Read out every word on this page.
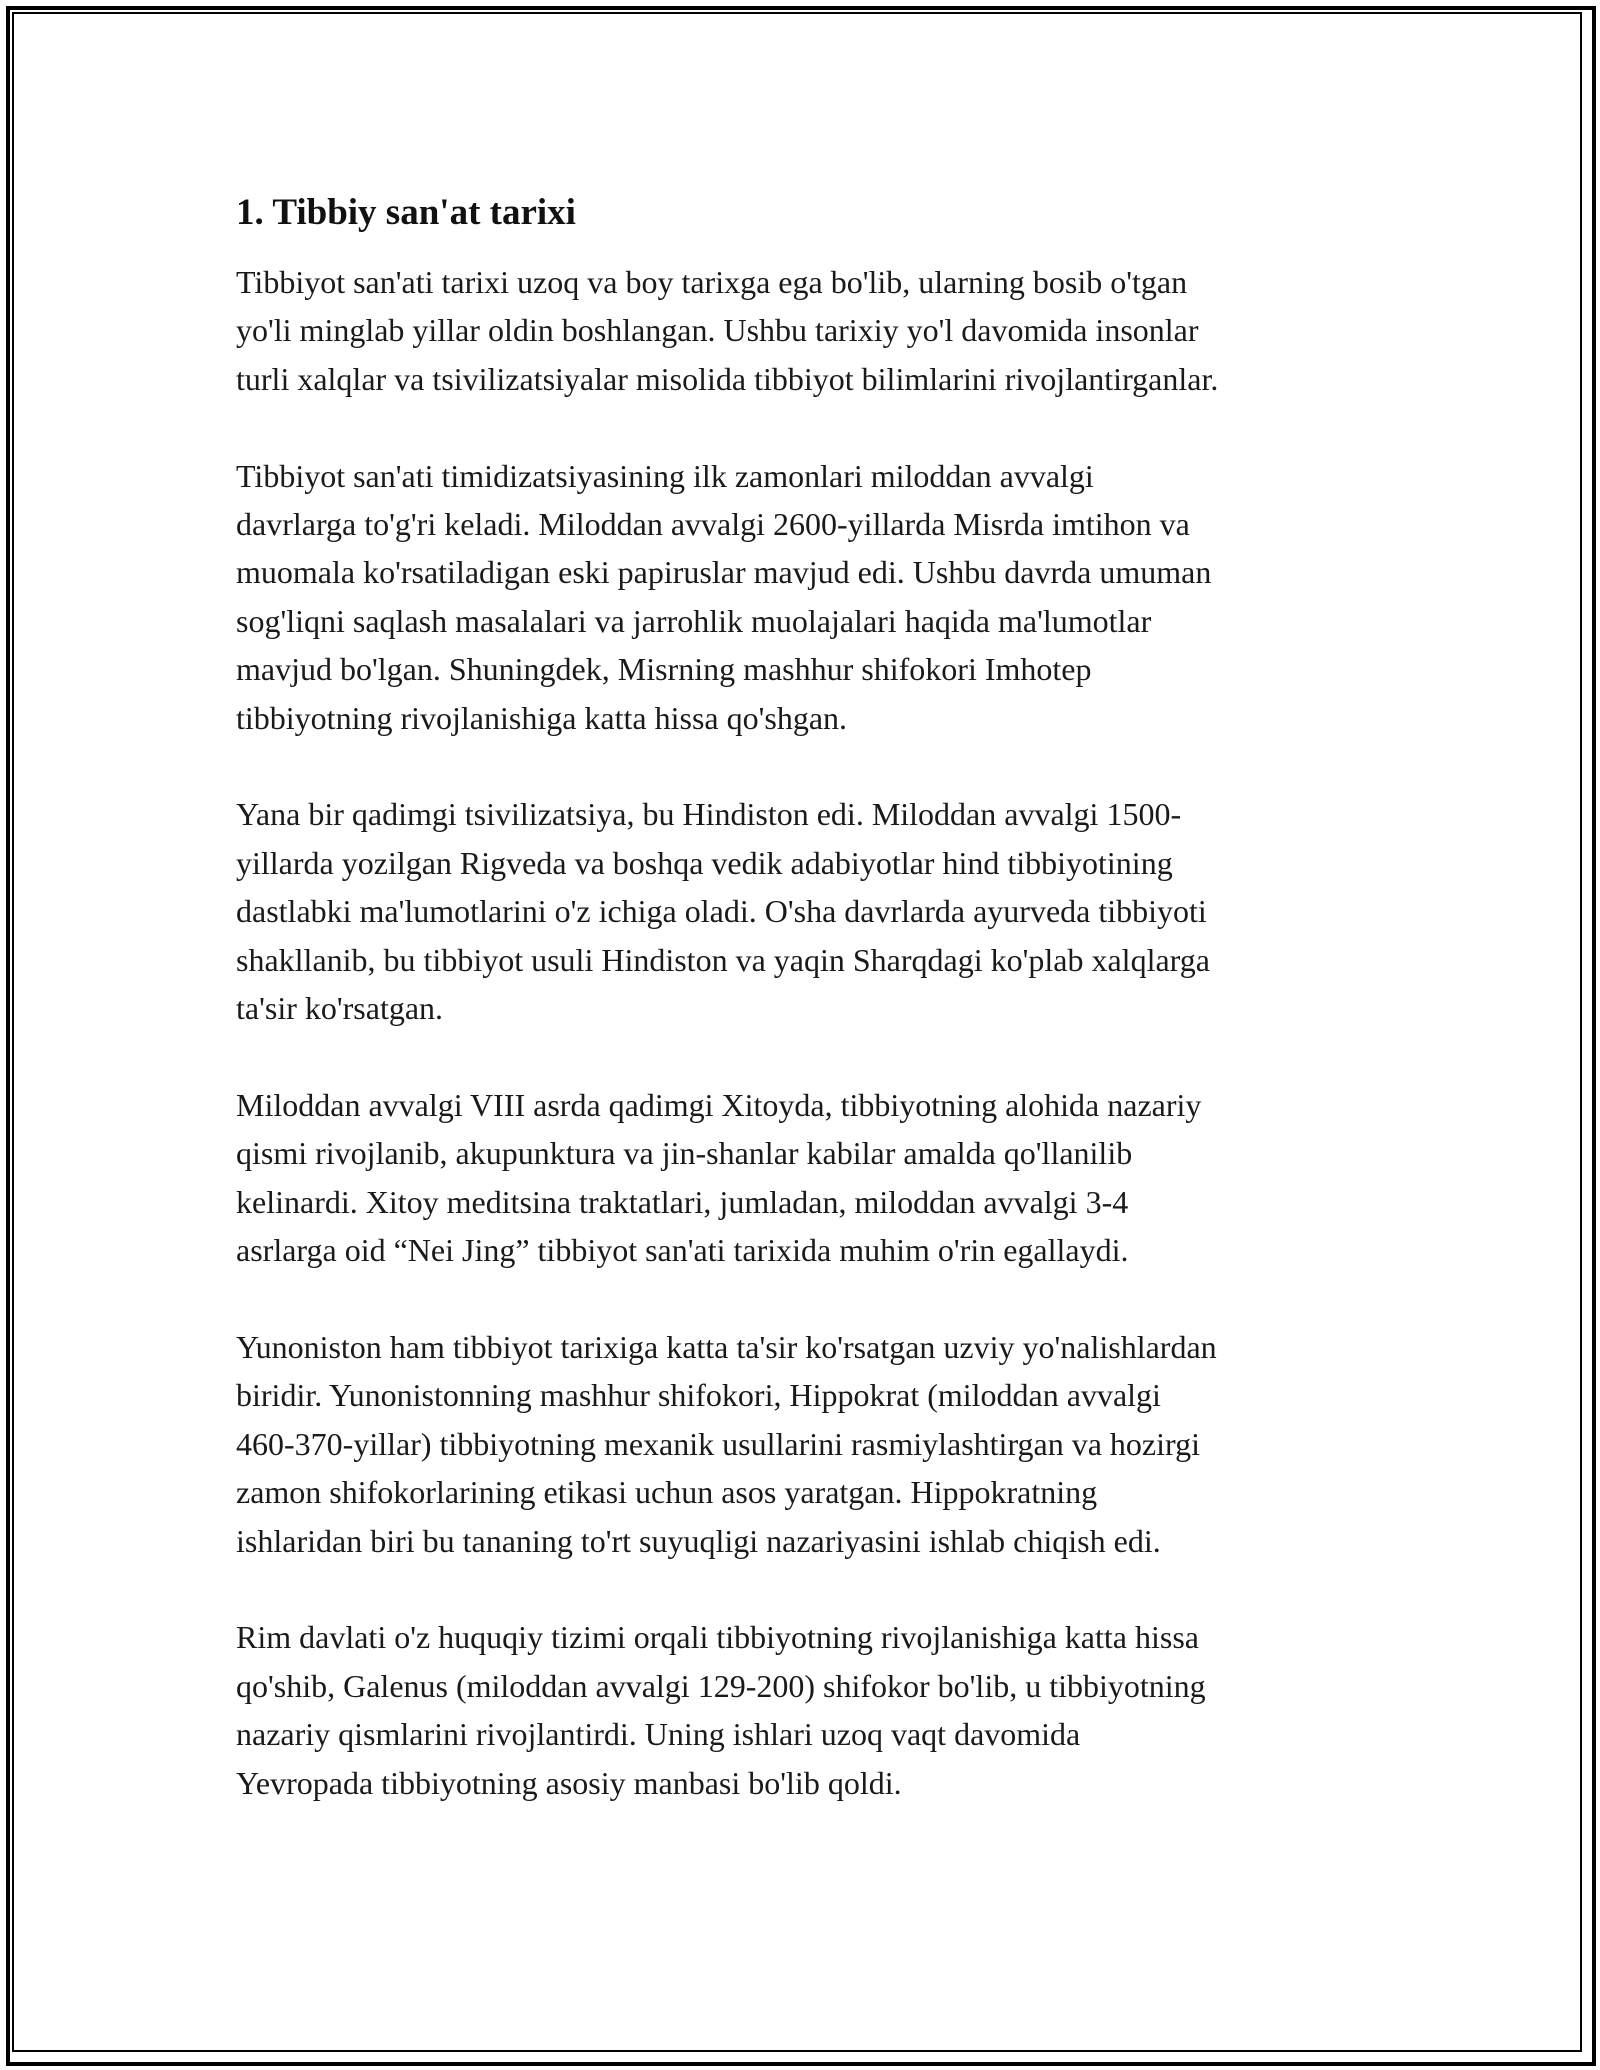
1. Tibbiy san'at tarixi

Tibbiyot san'ati tarixi uzoq va boy tarixga ega bo'lib, ularning bosib o'tgan
yo'li minglab yillar oldin boshlangan. Ushbu tarixiy yo'l davomida insonlar
turli xalqlar va tsivilizatsiyalar misolida tibbiyot bilimlarini rivojlantirganlar.

Tibbiyot san'ati timidizatsiyasining ilk zamonlari miloddan avvalgi
davrlarga to'g'ri keladi. Miloddan avvalgi 2600-yillarda Misrda imtihon va
muomala ko'rsatiladigan eski papiruslar mavjud edi. Ushbu davrda umuman
sog'liqni saqlash masalalari va jarrohlik muolajalari haqida ma'lumotlar
mavjud bo'lgan. Shuningdek, Misrning mashhur shifokori Imhotep
tibbiyotning rivojlanishiga katta hissa qo'shgan.

Yana bir qadimgi tsivilizatsiya, bu Hindiston edi. Miloddan avvalgi 1500-
yillarda yozilgan Rigveda va boshqa vedik adabiyotlar hind tibbiyotining
dastlabki ma'lumotlarini o'z ichiga oladi. O'sha davrlarda ayurveda tibbiyoti
shakllanib, bu tibbiyot usuli Hindiston va yaqin Sharqdagi ko'plab xalqlarga
ta'sir ko'rsatgan.

Miloddan avvalgi VIII asrda qadimgi Xitoyda, tibbiyotning alohida nazariy
qismi rivojlanib, akupunktura va jin-shanlar kabilar amalda qo'llanilib
kelinardi. Xitoy meditsina traktatlari, jumladan, miloddan avvalgi 3-4
asrlarga oid “Nei Jing” tibbiyot san'ati tarixida muhim o'rin egallaydi.

Yunoniston ham tibbiyot tarixiga katta ta'sir ko'rsatgan uzviy yo'nalishlardan
biridir. Yunonistonning mashhur shifokori, Hippokrat (miloddan avvalgi
460-370-yillar) tibbiyotning mexanik usullarini rasmiylashtirgan va hozirgi
zamon shifokorlarining etikasi uchun asos yaratgan. Hippokratning
ishlaridan biri bu tananing to'rt suyuqligi nazariyasini ishlab chiqish edi.

Rim davlati o'z huquqiy tizimi orqali tibbiyotning rivojlanishiga katta hissa
qo'shib, Galenus (miloddan avvalgi 129-200) shifokor bo'lib, u tibbiyotning
nazariy qismlarini rivojlantirdi. Uning ishlari uzoq vaqt davomida
Yevropada tibbiyotning asosiy manbasi bo'lib qoldi.
